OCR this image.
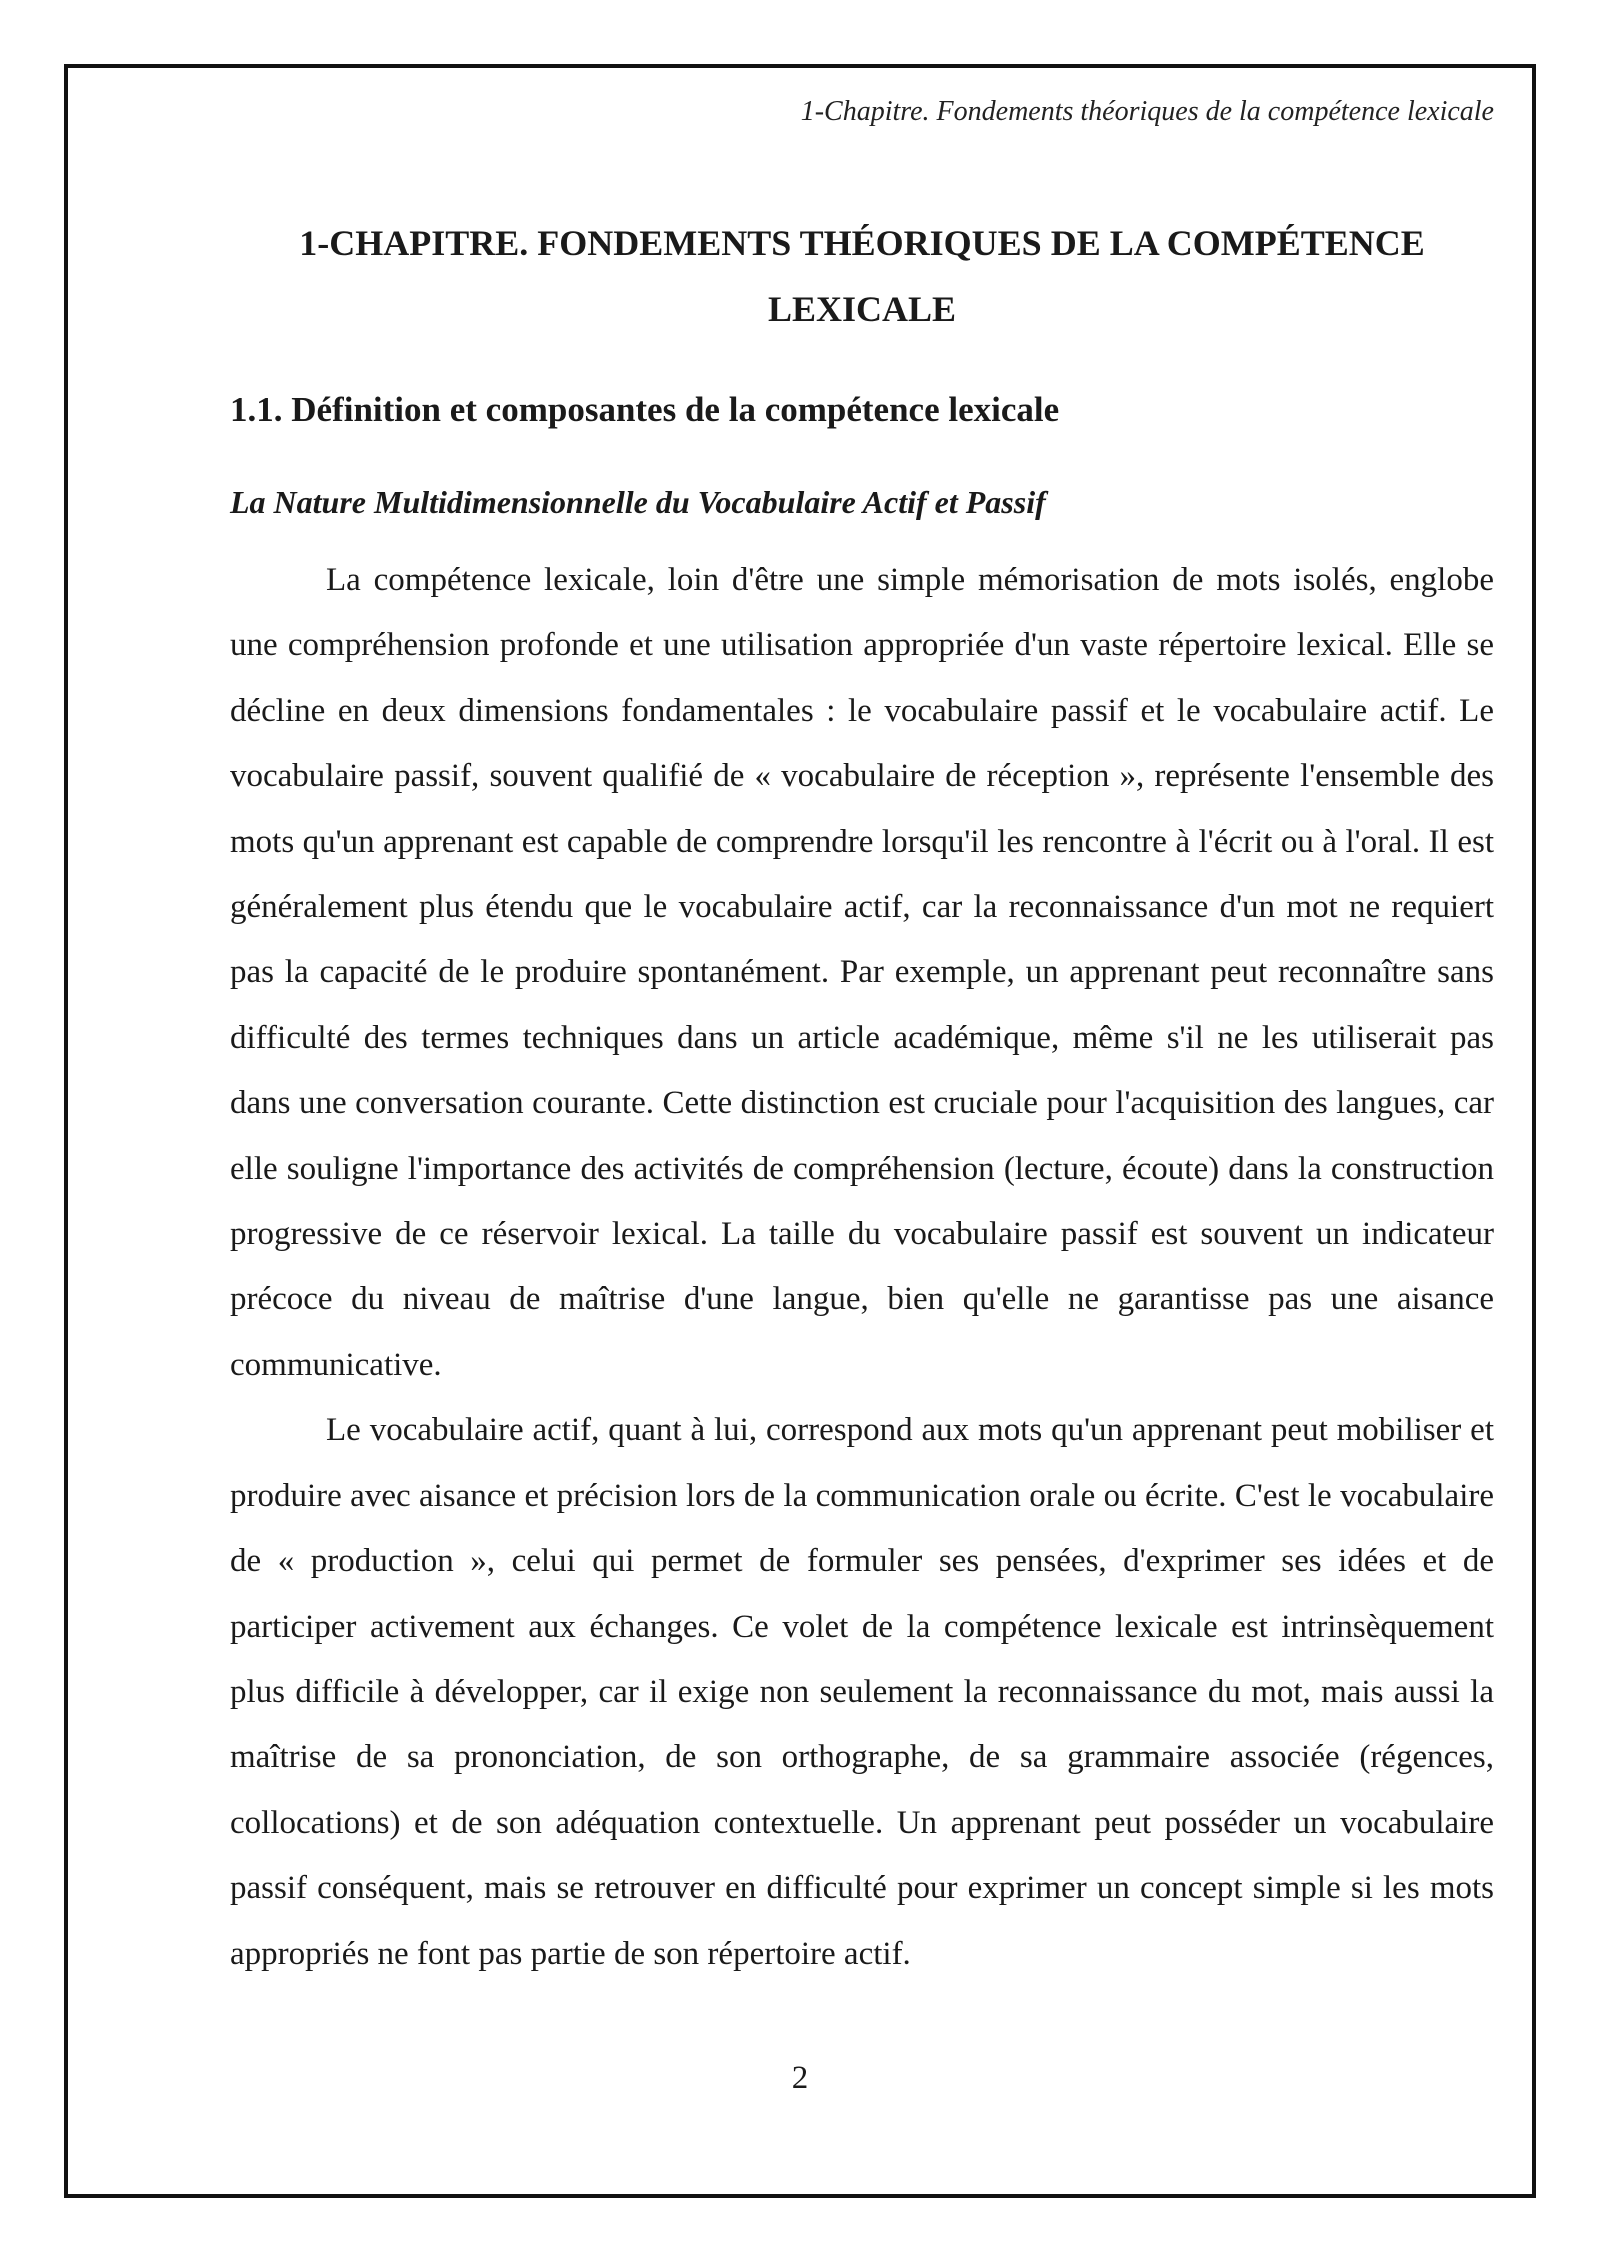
1-Chapitre. Fondements théoriques de la compétence lexicale
1-CHAPITRE. FONDEMENTS THÉORIQUES DE LA COMPÉTENCE LEXICALE
1.1. Définition et composantes de la compétence lexicale
La Nature Multidimensionnelle du Vocabulaire Actif et Passif

La compétence lexicale, loin d'être une simple mémorisation de mots isolés, englobe une compréhension profonde et une utilisation appropriée d'un vaste répertoire lexical. Elle se décline en deux dimensions fondamentales : le vocabulaire passif et le vocabulaire actif. Le vocabulaire passif, souvent qualifié de « vocabulaire de réception », représente l'ensemble des mots qu'un apprenant est capable de comprendre lorsqu'il les rencontre à l'écrit ou à l'oral. Il est généralement plus étendu que le vocabulaire actif, car la reconnaissance d'un mot ne requiert pas la capacité de le produire spontanément. Par exemple, un apprenant peut reconnaître sans difficulté des termes techniques dans un article académique, même s'il ne les utiliserait pas dans une conversation courante. Cette distinction est cruciale pour l'acquisition des langues, car elle souligne l'importance des activités de compréhension (lecture, écoute) dans la construction progressive de ce réservoir lexical. La taille du vocabulaire passif est souvent un indicateur précoce du niveau de maîtrise d'une langue, bien qu'elle ne garantisse pas une aisance communicative.

Le vocabulaire actif, quant à lui, correspond aux mots qu'un apprenant peut mobiliser et produire avec aisance et précision lors de la communication orale ou écrite. C'est le vocabulaire de « production », celui qui permet de formuler ses pensées, d'exprimer ses idées et de participer activement aux échanges. Ce volet de la compétence lexicale est intrinsèquement plus difficile à développer, car il exige non seulement la reconnaissance du mot, mais aussi la maîtrise de sa prononciation, de son orthographe, de sa grammaire associée (régences, collocations) et de son adéquation contextuelle. Un apprenant peut posséder un vocabulaire passif conséquent, mais se retrouver en difficulté pour exprimer un concept simple si les mots appropriés ne font pas partie de son répertoire actif.

2
